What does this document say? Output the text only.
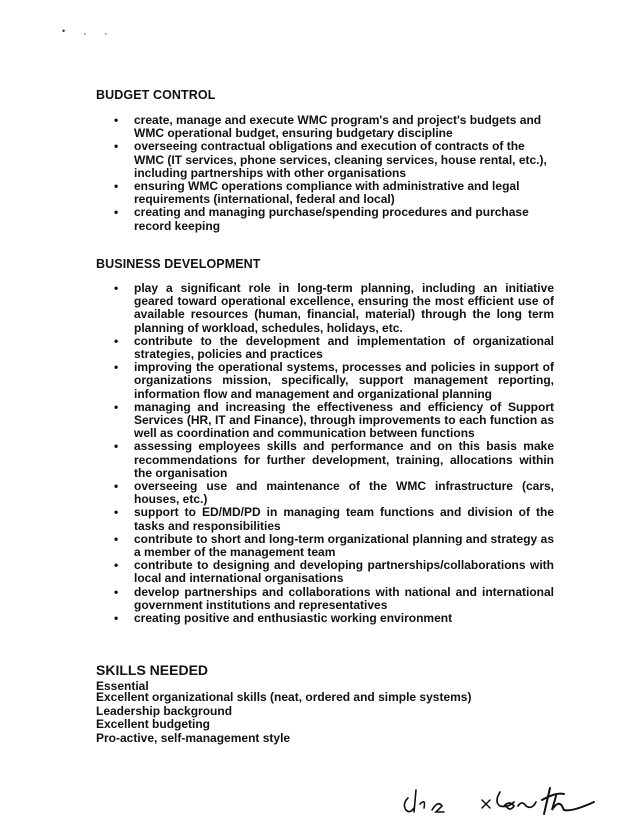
• , ,
BUDGET CONTROL
• create, manage and execute WMC program's and project's budgets and WMC operational budget, ensuring budgetary discipline
• overseeing contractual obligations and execution of contracts of the WMC (IT services, phone services, cleaning services, house rental, etc.), including partnerships with other organisations
• ensuring WMC operations compliance with administrative and legal requirements (international, federal and local)
• creating and managing purchase/spending procedures and purchase record keeping
BUSINESS DEVELOPMENT
• play a significant role in long-term planning, including an initiative geared toward operational excellence, ensuring the most efficient use of available resources (human, financial, material) through the long term planning of workload, schedules, holidays, etc.
• contribute to the development and implementation of organizational strategies, policies and practices
• improving the operational systems, processes and policies in support of organizations mission, specifically, support management reporting, information flow and management and organizational planning
• managing and increasing the effectiveness and efficiency of Support Services (HR, IT and Finance), through improvements to each function as well as coordination and communication between functions
• assessing employees skills and performance and on this basis make recommendations for further development, training, allocations within the organisation
• overseeing use and maintenance of the WMC infrastructure (cars, houses, etc.)
• support to ED/MD/PD in managing team functions and division of the tasks and responsibilities
• contribute to short and long-term organizational planning and strategy as a member of the management team
• contribute to designing and developing partnerships/collaborations with local and international organisations
• develop partnerships and collaborations with national and international government institutions and representatives
• creating positive and enthusiastic working environment
SKILLS NEEDED
Essential
Excellent organizational skills (neat, ordered and simple systems)
Leadership background
Excellent budgeting
Pro-active, self-management style
